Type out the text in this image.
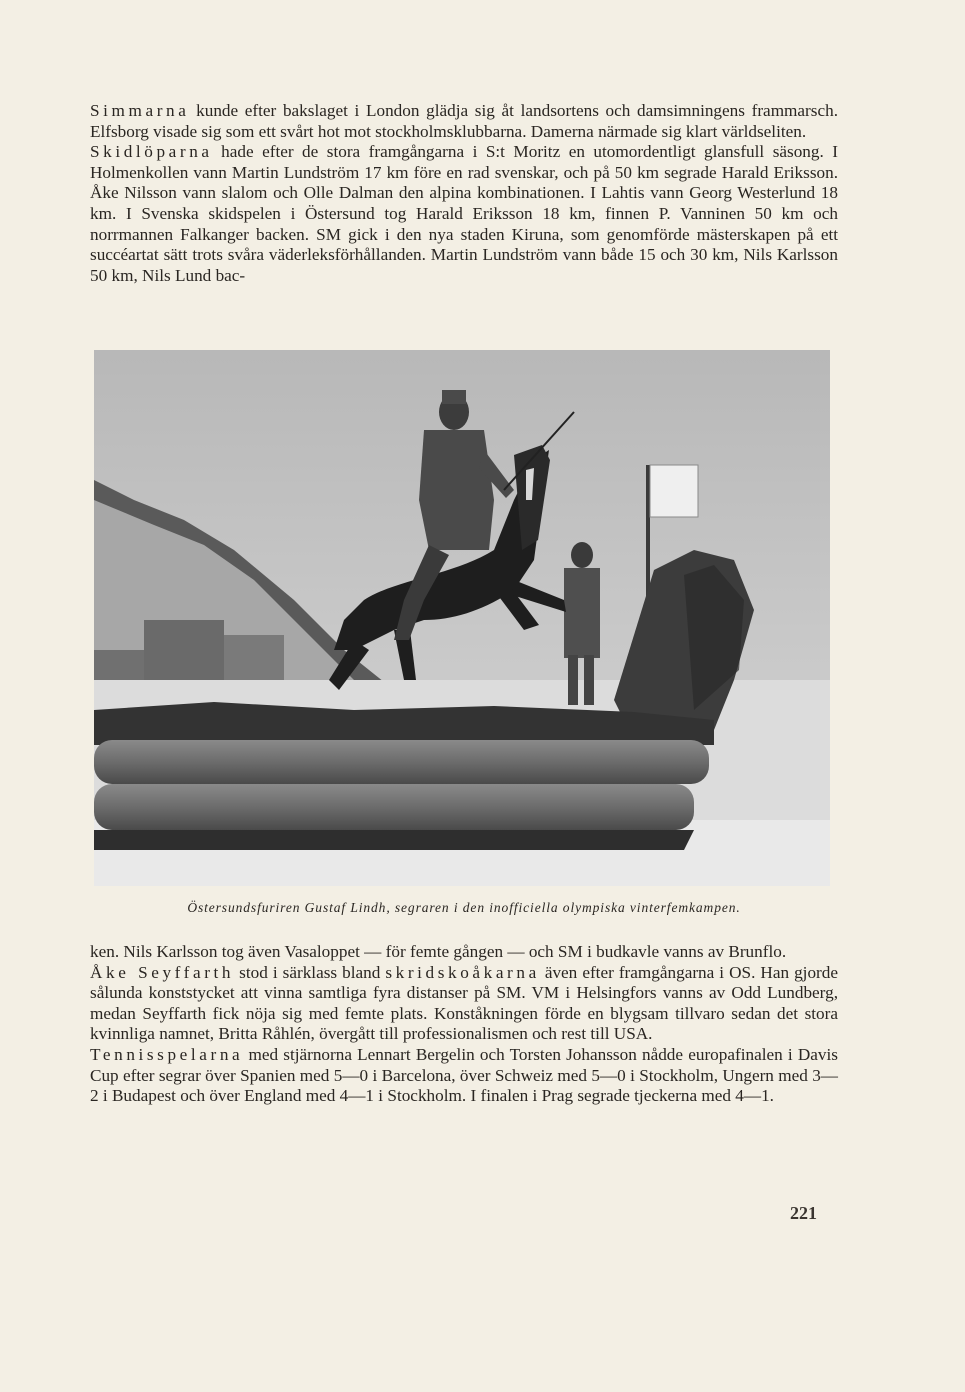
Simmarna kunde efter bakslaget i London glädja sig åt landsortens och damsimningens frammarsch. Elfsborg visade sig som ett svårt hot mot stockholmsklubbarna. Damerna närmade sig klart världseliten.

Skidlöparna hade efter de stora framgångarna i S:t Moritz en utomordentligt glansfull säsong. I Holmenkollen vann Martin Lundström 17 km före en rad svenskar, och på 50 km segrade Harald Eriksson. Åke Nilsson vann slalom och Olle Dalman den alpina kombinationen. I Lahtis vann Georg Westerlund 18 km. I Svenska skidspelen i Östersund tog Harald Eriksson 18 km, finnen P. Vanninen 50 km och norrmannen Falkanger backen. SM gick i den nya staden Kiruna, som genomförde mästerskapen på ett succéartat sätt trots svåra väderleksförhållanden. Martin Lundström vann både 15 och 30 km, Nils Karlsson 50 km, Nils Lund bac-

Östersundsfuriren Gustaf Lindh, segraren i den inofficiella olympiska vinterfemkampen.

ken. Nils Karlsson tog även Vasaloppet — för femte gången — och SM i budkavle vanns av Brunflo.

Åke Seyffarth stod i särklass bland skridskoåkarna även efter framgångarna i OS. Han gjorde sålunda konststycket att vinna samtliga fyra distanser på SM. VM i Helsingfors vanns av Odd Lundberg, medan Seyffarth fick nöja sig med femte plats. Konståkningen förde en blygsam tillvaro sedan det stora kvinnliga namnet, Britta Råhlén, övergått till professionalismen och rest till USA.

Tennisspelarna med stjärnorna Lennart Bergelin och Torsten Johansson nådde europafinalen i Davis Cup efter segrar över Spanien med 5—0 i Barcelona, över Schweiz med 5—0 i Stockholm, Ungern med 3—2 i Budapest och över England med 4—1 i Stockholm. I finalen i Prag segrade tjeckerna med 4—1.

221
